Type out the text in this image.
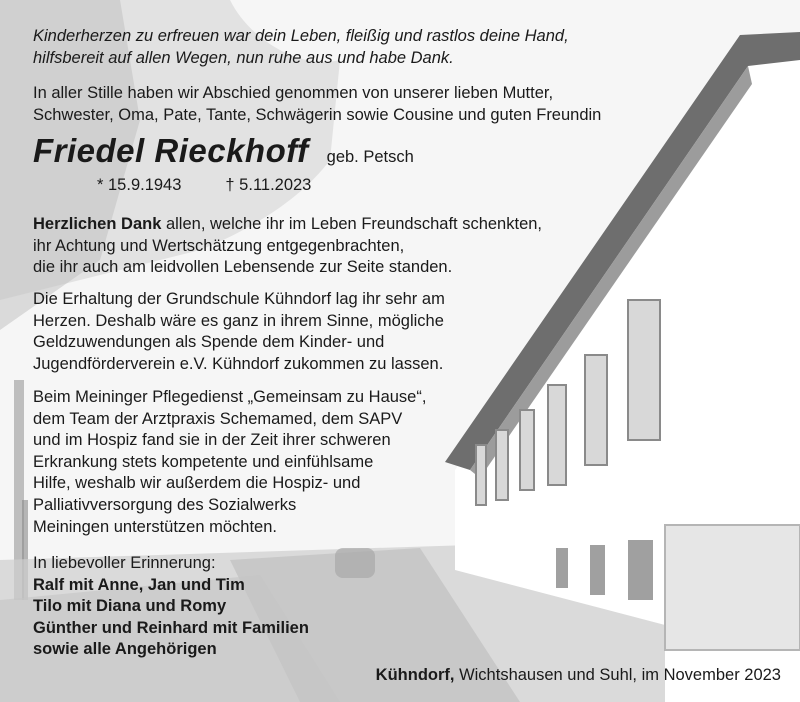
Kinderherzen zu erfreuen war dein Leben, fleißig und rastlos deine Hand,
hilfsbereit auf allen Wegen, nun ruhe aus und habe Dank.
In aller Stille haben wir Abschied genommen von unserer lieben Mutter,
Schwester, Oma, Pate, Tante, Schwägerin sowie Cousine und guten Freundin
Friedel Rieckhoff geb. Petsch
* 15.9.1943	† 5.11.2023
Herzlichen Dank allen, welche ihr im Leben Freundschaft schenkten,
ihr Achtung und Wertschätzung entgegenbrachten,
die ihr auch am leidvollen Lebensende zur Seite standen.
Die Erhaltung der Grundschule Kühndorf lag ihr sehr am
Herzen. Deshalb wäre es ganz in ihrem Sinne, mögliche
Geldzuwendungen als Spende dem Kinder- und
Jugendförderverein e.V. Kühndorf zukommen zu lassen.
Beim Meininger Pflegedienst „Gemeinsam zu Hause“,
dem Team der Arztpraxis Schemamed, dem SAPV
und im Hospiz fand sie in der Zeit ihrer schweren
Erkrankung stets kompetente und einfühlsame
Hilfe, weshalb wir außerdem die Hospiz- und
Palliativversorgung des Sozialwerks
Meiningen unterstützen möchten.
In liebevoller Erinnerung:
Ralf mit Anne, Jan und Tim
Tilo mit Diana und Romy
Günther und Reinhard mit Familien
sowie alle Angehörigen
Kühndorf, Wichtshausen und Suhl, im November 2023
